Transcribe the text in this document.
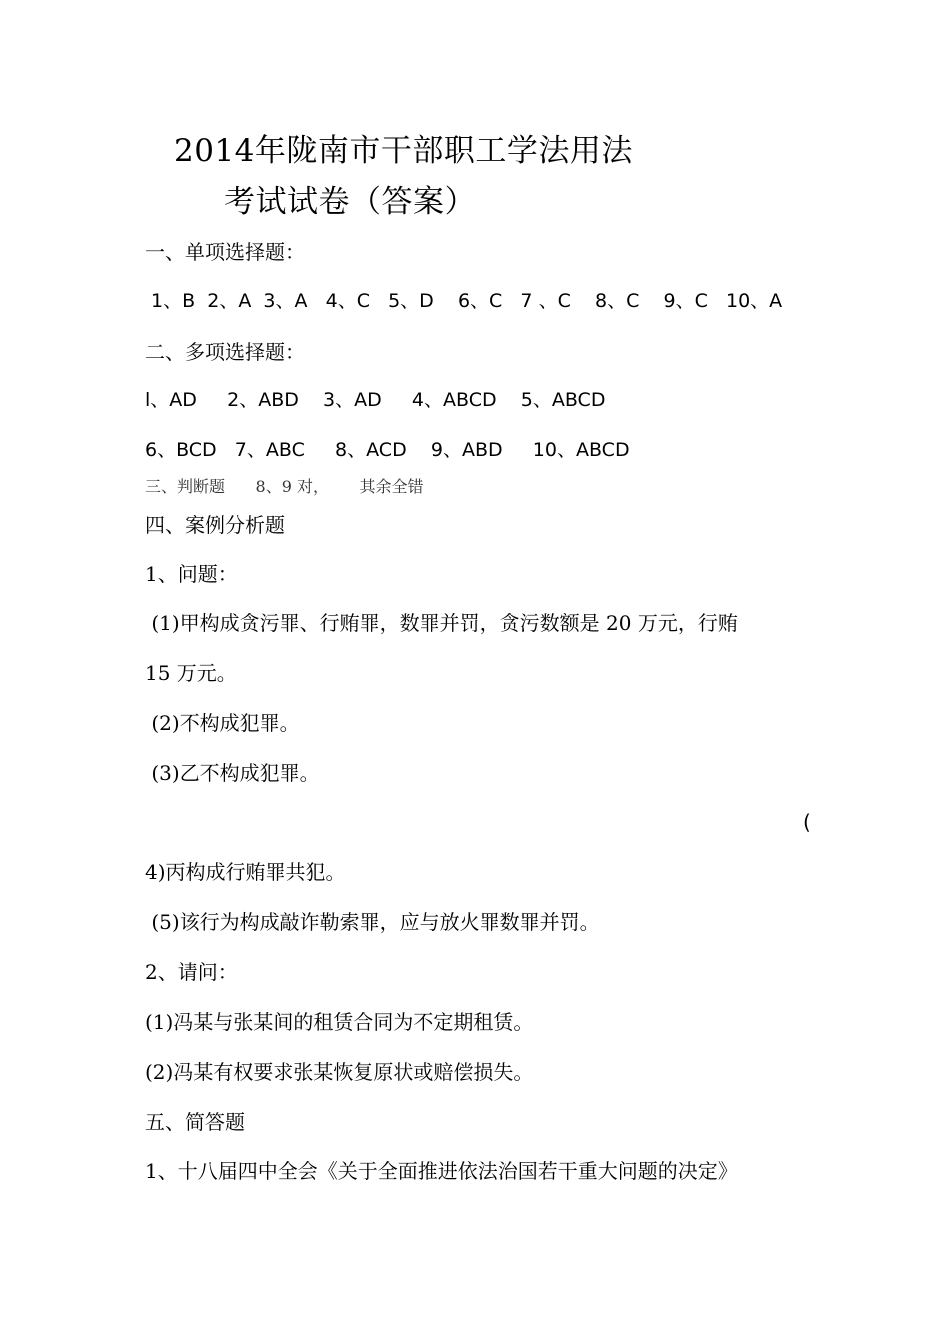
2014年陇南市干部职工学法用法
考试试卷（答案）
一、单项选择题：
1、B  2、A  3、A   4、C   5、D    6、C   7 、C    8、C    9、C   10、A
二、多项选择题：
l、AD     2、ABD    3、AD     4、ABCD    5、ABCD
6、BCD   7、ABC     8、ACD    9、ABD     10、ABCD
三、判断题      8、9 对，      其余全错
四、案例分析题
1、问题：
(1)甲构成贪污罪、行贿罪，数罪并罚，贪污数额是 20 万元，行贿
15 万元。
(2)不构成犯罪。
(3)乙不构成犯罪。
(
4)丙构成行贿罪共犯。
(5)该行为构成敲诈勒索罪，应与放火罪数罪并罚。
2、请问：
(1)冯某与张某间的租赁合同为不定期租赁。
(2)冯某有权要求张某恢复原状或赔偿损失。
五、简答题
1、十八届四中全会《关于全面推进依法治国若干重大问题的决定》
